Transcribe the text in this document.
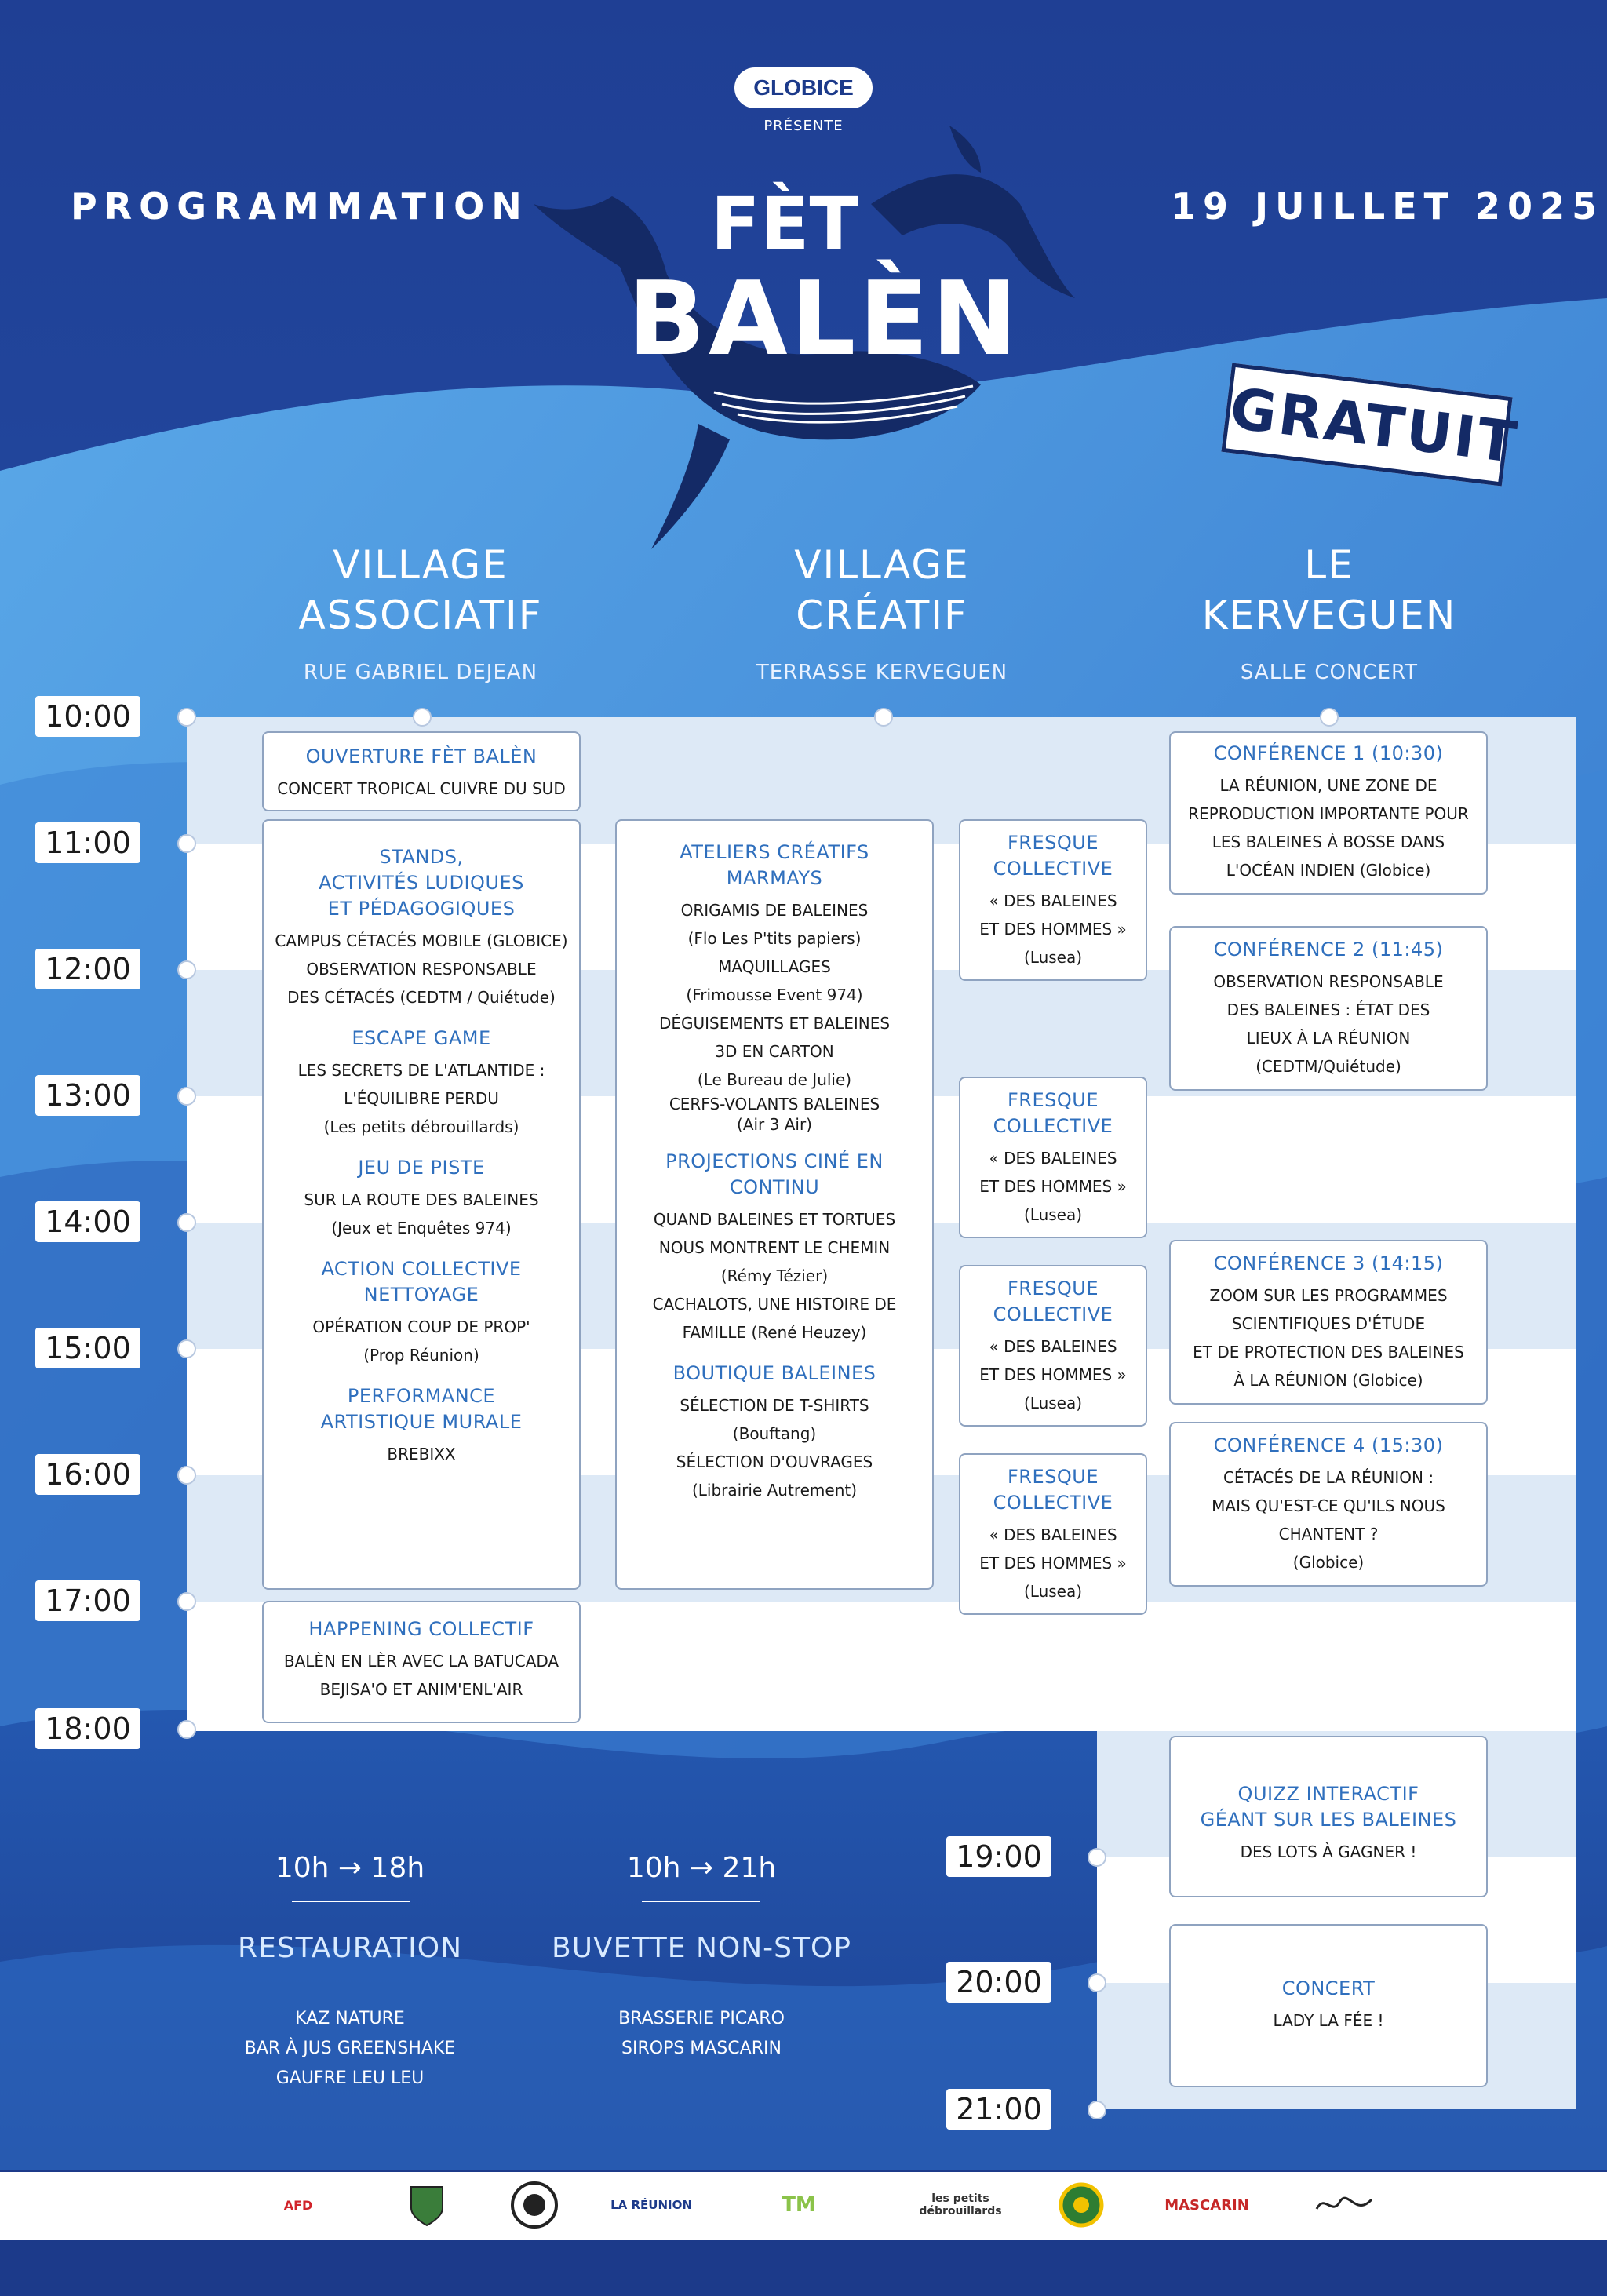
GLOBICE
PRÉSENTE
PROGRAMMATION	19 JUILLET 2025
FÈT
BALÈN
GRATUIT
VILLAGE
ASSOCIATIF
RUE GABRIEL DEJEAN
VILLAGE
CRÉATIF
TERRASSE KERVEGUEN
LE
KERVEGUEN
SALLE CONCERT
10:00
11:00
12:00
13:00
14:00
15:00
16:00
17:00
18:00
19:00
20:00
21:00
OUVERTURE FÈT BALÈN
CONCERT TROPICAL CUIVRE DU SUD
STANDS,
ACTIVITÉS LUDIQUES
ET PÉDAGOGIQUES
CAMPUS CÉTACÉS MOBILE (GLOBICE)
OBSERVATION RESPONSABLE
DES CÉTACÉS (CEDTM / Quiétude)
ESCAPE GAME
LES SECRETS DE L'ATLANTIDE :
L'ÉQUILIBRE PERDU
(Les petits débrouillards)
JEU DE PISTE
SUR LA ROUTE DES BALEINES
(Jeux et Enquêtes 974)
ACTION COLLECTIVE
NETTOYAGE
OPÉRATION COUP DE PROP'
(Prop Réunion)
PERFORMANCE
ARTISTIQUE MURALE
BREBIXX
HAPPENING COLLECTIF
BALÈN EN LÈR AVEC LA BATUCADA
BEJISA'O ET ANIM'ENL'AIR
ATELIERS CRÉATIFS
MARMAYS
ORIGAMIS DE BALEINES
(Flo Les P'tits papiers)
MAQUILLAGES
(Frimousse Event 974)
DÉGUISEMENTS ET BALEINES
3D EN CARTON
(Le Bureau de Julie)
CERFS-VOLANTS BALEINES
(Air 3 Air)
PROJECTIONS CINÉ EN
CONTINU
QUAND BALEINES ET TORTUES
NOUS MONTRENT LE CHEMIN
(Rémy Tézier)
CACHALOTS, UNE HISTOIRE DE
FAMILLE (René Heuzey)
BOUTIQUE BALEINES
SÉLECTION DE T-SHIRTS
(Bouftang)
SÉLECTION D'OUVRAGES
(Librairie Autrement)
FRESQUE
COLLECTIVE
« DES BALEINES
ET DES HOMMES »
(Lusea)
FRESQUE
COLLECTIVE
« DES BALEINES
ET DES HOMMES »
(Lusea)
FRESQUE
COLLECTIVE
« DES BALEINES
ET DES HOMMES »
(Lusea)
FRESQUE
COLLECTIVE
« DES BALEINES
ET DES HOMMES »
(Lusea)
CONFÉRENCE 1 (10:30)
LA RÉUNION, UNE ZONE DE
REPRODUCTION IMPORTANTE POUR
LES BALEINES À BOSSE DANS
L'OCÉAN INDIEN (Globice)
CONFÉRENCE 2 (11:45)
OBSERVATION RESPONSABLE
DES BALEINES : ÉTAT DES
LIEUX À LA RÉUNION
(CEDTM/Quiétude)
CONFÉRENCE 3 (14:15)
ZOOM SUR LES PROGRAMMES
SCIENTIFIQUES D'ÉTUDE
ET DE PROTECTION DES BALEINES
À LA RÉUNION (Globice)
CONFÉRENCE 4 (15:30)
CÉTACÉS DE LA RÉUNION :
MAIS QU'EST-CE QU'ILS NOUS
CHANTENT ?
(Globice)
QUIZZ INTERACTIF
GÉANT SUR LES BALEINES
DES LOTS À GAGNER !
CONCERT
LADY LA FÉE !
10h → 18h
RESTAURATION
KAZ NATURE
BAR À JUS GREENSHAKE
GAUFRE LEU LEU
10h → 21h
BUVETTE NON-STOP
BRASSERIE PICARO
SIROPS MASCARIN
AFD	LA RÉUNION	TM	les petits débrouillards	MASCARIN
